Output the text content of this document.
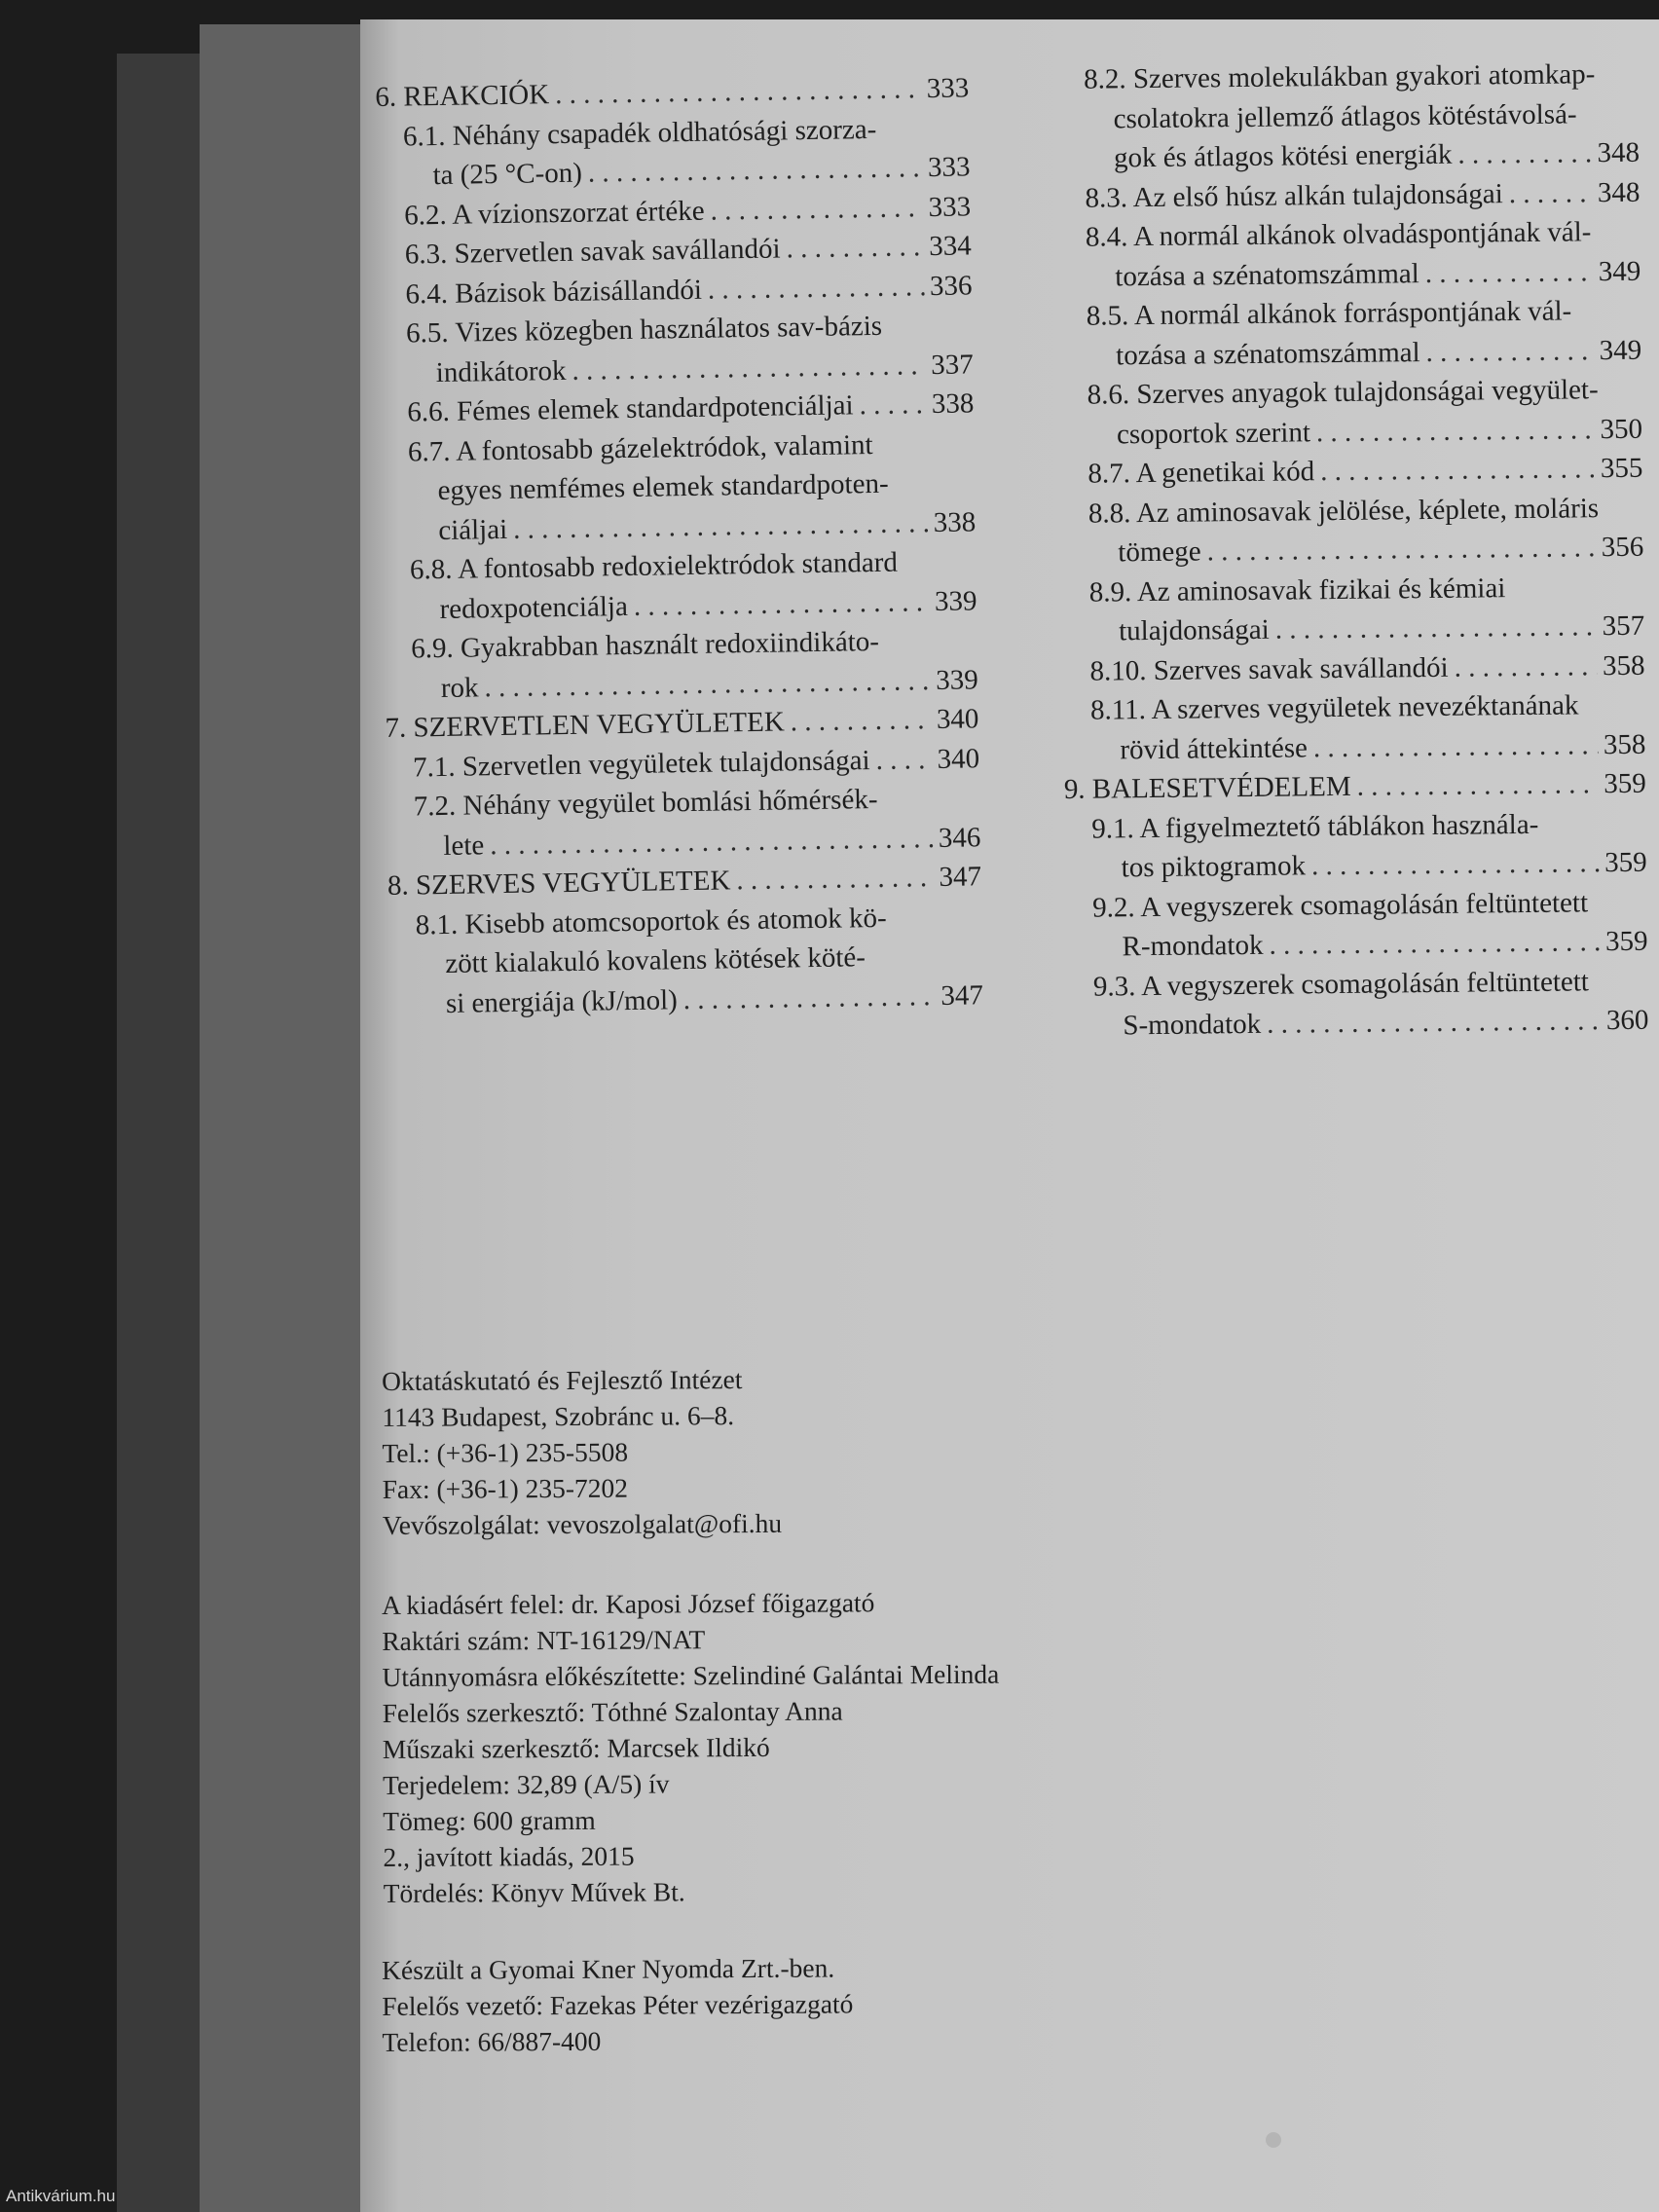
6. REAKCIÓK . . .	333
6.1. Néhány csapadék oldhatósági szorza-
ta (25 °C-on) . . .	333
6.2. A vízionszorzat értéke . . .	333
6.3. Szervetlen savak savállandói . . .	334
6.4. Bázisok bázisállandói . . .	336
6.5. Vizes közegben használatos sav-bázis
indikátorok . . .	337
6.6. Fémes elemek standardpotenciáljai . . .	338
6.7. A fontosabb gázelektródok, valamint
egyes nemfémes elemek standardpoten-
ciáljai . . .	338
6.8. A fontosabb redoxielektródok standard
redoxpotenciálja . . .	339
6.9. Gyakrabban használt redoxiindikáto-
rok . . .	339
7. SZERVETLEN VEGYÜLETEK . . .	340
7.1. Szervetlen vegyületek tulajdonságai . . . 340
7.2. Néhány vegyület bomlási hőmérsék-
lete . . .	346
8. SZERVES VEGYÜLETEK . . .	347
8.1. Kisebb atomcsoportok és atomok kö-
zött kialakuló kovalens kötések köté-
si energiája (kJ/mol) . . .	347
8.2. Szerves molekulákban gyakori atomkap-
csolatokra jellemző átlagos kötéstávolsá-
gok és átlagos kötési energiák . . .	348
8.3. Az első húsz alkán tulajdonságai . . .	348
8.4. A normál alkánok olvadáspontjának vál-
tozása a szénatomszámmal . . .	349
8.5. A normál alkánok forráspontjának vál-
tozása a szénatomszámmal . . .	349
8.6. Szerves anyagok tulajdonságai vegyület-
csoportok szerint . . .	350
8.7. A genetikai kód . . .	355
8.8. Az aminosavak jelölése, képlete, moláris
tömege . . .	356
8.9. Az aminosavak fizikai és kémiai
tulajdonságai . . .	357
8.10. Szerves savak savállandói . . .	358
8.11. A szerves vegyületek nevezéktanának
rövid áttekintése . . .	358
9. BALESETVÉDELEM . . .	359
9.1. A figyelmeztető táblákon használa-
tos piktogramok . . .	359
9.2. A vegyszerek csomagolásán feltüntetett
R-mondatok . . .	359
9.3. A vegyszerek csomagolásán feltüntetett
S-mondatok . . .	360
Oktatáskutató és Fejlesztő Intézet
1143 Budapest, Szobránc u. 6–8.
Tel.: (+36-1) 235-5508
Fax: (+36-1) 235-7202
Vevőszolgálat: vevoszolgalat@ofi.hu
A kiadásért felel: dr. Kaposi József főigazgató
Raktári szám: NT-16129/NAT
Utánnyomásra előkészítette: Szelindiné Galántai Melinda
Felelős szerkesztő: Tóthné Szalontay Anna
Műszaki szerkesztő: Marcsek Ildikó
Terjedelem: 32,89 (A/5) ív
Tömeg: 600 gramm
2., javított kiadás, 2015
Tördelés: Könyv Művek Bt.
Készült a Gyomai Kner Nyomda Zrt.-ben.
Felelős vezető: Fazekas Péter vezérigazgató
Telefon: 66/887-400
Antikvárium.hu
